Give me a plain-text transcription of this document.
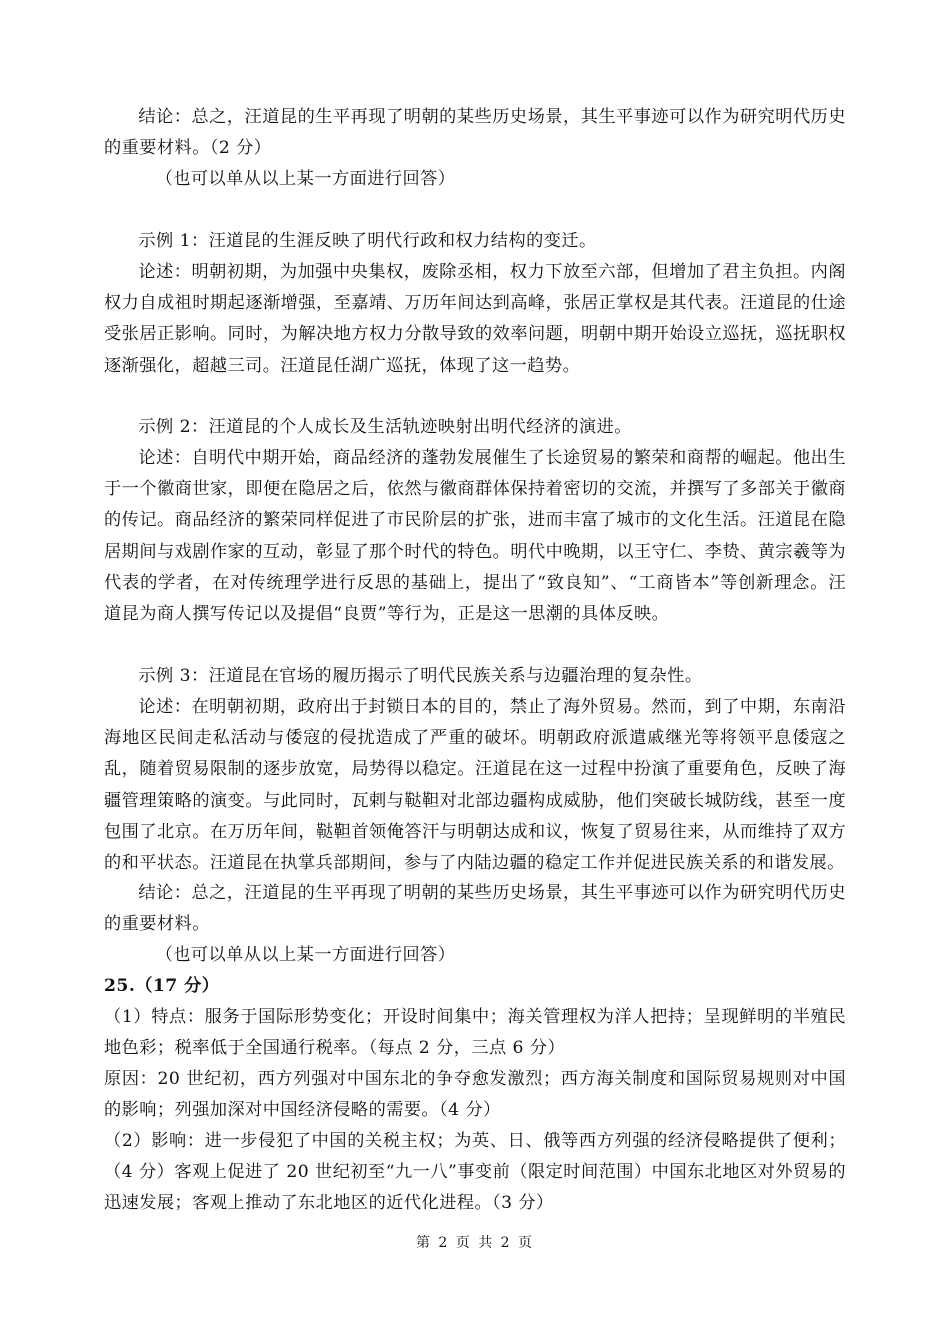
结论：总之，汪道昆的生平再现了明朝的某些历史场景，其生平事迹可以作为研究明代历史的重要材料。（2 分）

（也可以单从以上某一方面进行回答）

示例 1：汪道昆的生涯反映了明代行政和权力结构的变迁。

论述：明朝初期，为加强中央集权，废除丞相，权力下放至六部，但增加了君主负担。内阁权力自成祖时期起逐渐增强，至嘉靖、万历年间达到高峰，张居正掌权是其代表。汪道昆的仕途受张居正影响。同时，为解决地方权力分散导致的效率问题，明朝中期开始设立巡抚，巡抚职权逐渐强化，超越三司。汪道昆任湖广巡抚，体现了这一趋势。

示例 2：汪道昆的个人成长及生活轨迹映射出明代经济的演进。

论述：自明代中期开始，商品经济的蓬勃发展催生了长途贸易的繁荣和商帮的崛起。他出生于一个徽商世家，即便在隐居之后，依然与徽商群体保持着密切的交流，并撰写了多部关于徽商的传记。商品经济的繁荣同样促进了市民阶层的扩张，进而丰富了城市的文化生活。汪道昆在隐居期间与戏剧作家的互动，彰显了那个时代的特色。明代中晚期，以王守仁、李贽、黄宗羲等为代表的学者，在对传统理学进行反思的基础上，提出了“致良知”、“工商皆本”等创新理念。汪道昆为商人撰写传记以及提倡“良贾”等行为，正是这一思潮的具体反映。

示例 3：汪道昆在官场的履历揭示了明代民族关系与边疆治理的复杂性。

论述：在明朝初期，政府出于封锁日本的目的，禁止了海外贸易。然而，到了中期，东南沿海地区民间走私活动与倭寇的侵扰造成了严重的破坏。明朝政府派遣戚继光等将领平息倭寇之乱，随着贸易限制的逐步放宽，局势得以稳定。汪道昆在这一过程中扮演了重要角色，反映了海疆管理策略的演变。与此同时，瓦剌与鞑靼对北部边疆构成威胁，他们突破长城防线，甚至一度包围了北京。在万历年间，鞑靼首领俺答汗与明朝达成和议，恢复了贸易往来，从而维持了双方的和平状态。汪道昆在执掌兵部期间，参与了内陆边疆的稳定工作并促进民族关系的和谐发展。

结论：总之，汪道昆的生平再现了明朝的某些历史场景，其生平事迹可以作为研究明代历史的重要材料。

（也可以单从以上某一方面进行回答）

25.（17 分）

（1）特点：服务于国际形势变化；开设时间集中；海关管理权为洋人把持；呈现鲜明的半殖民地色彩；税率低于全国通行税率。（每点 2 分，三点 6 分）

原因：20 世纪初，西方列强对中国东北的争夺愈发激烈；西方海关制度和国际贸易规则对中国的影响；列强加深对中国经济侵略的需要。（4 分）

（2）影响：进一步侵犯了中国的关税主权；为英、日、俄等西方列强的经济侵略提供了便利；（4 分）客观上促进了 20 世纪初至“九一八”事变前（限定时间范围）中国东北地区对外贸易的迅速发展；客观上推动了东北地区的近代化进程。（3 分）

第 2 页 共 2 页
